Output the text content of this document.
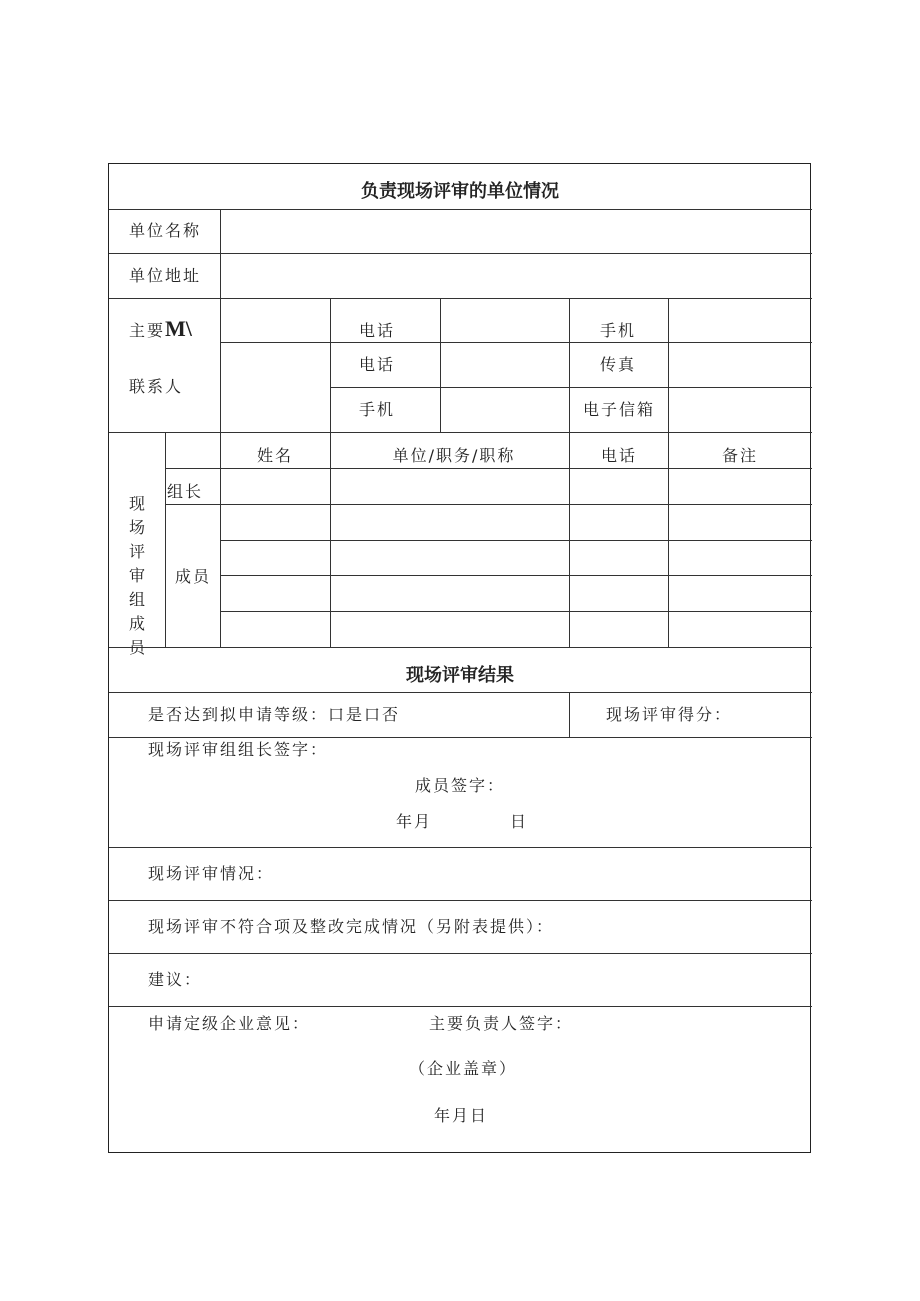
负责现场评审的单位情况
单位名称
单位地址
主要M\
联系人
电话	手机
电话	传真
手机	电子信箱
现场评审组成员
姓名	单位/职务/职称	电话	备注
组长
成员
现场评审结果
是否达到拟申请等级：口是口否	现场评审得分：
现场评审组组长签字：
成员签字：
年月	日
现场评审情况：
现场评审不符合项及整改完成情况（另附表提供）：
建议：
申请定级企业意见：	主要负责人签字：
（企业盖章）
年月日
